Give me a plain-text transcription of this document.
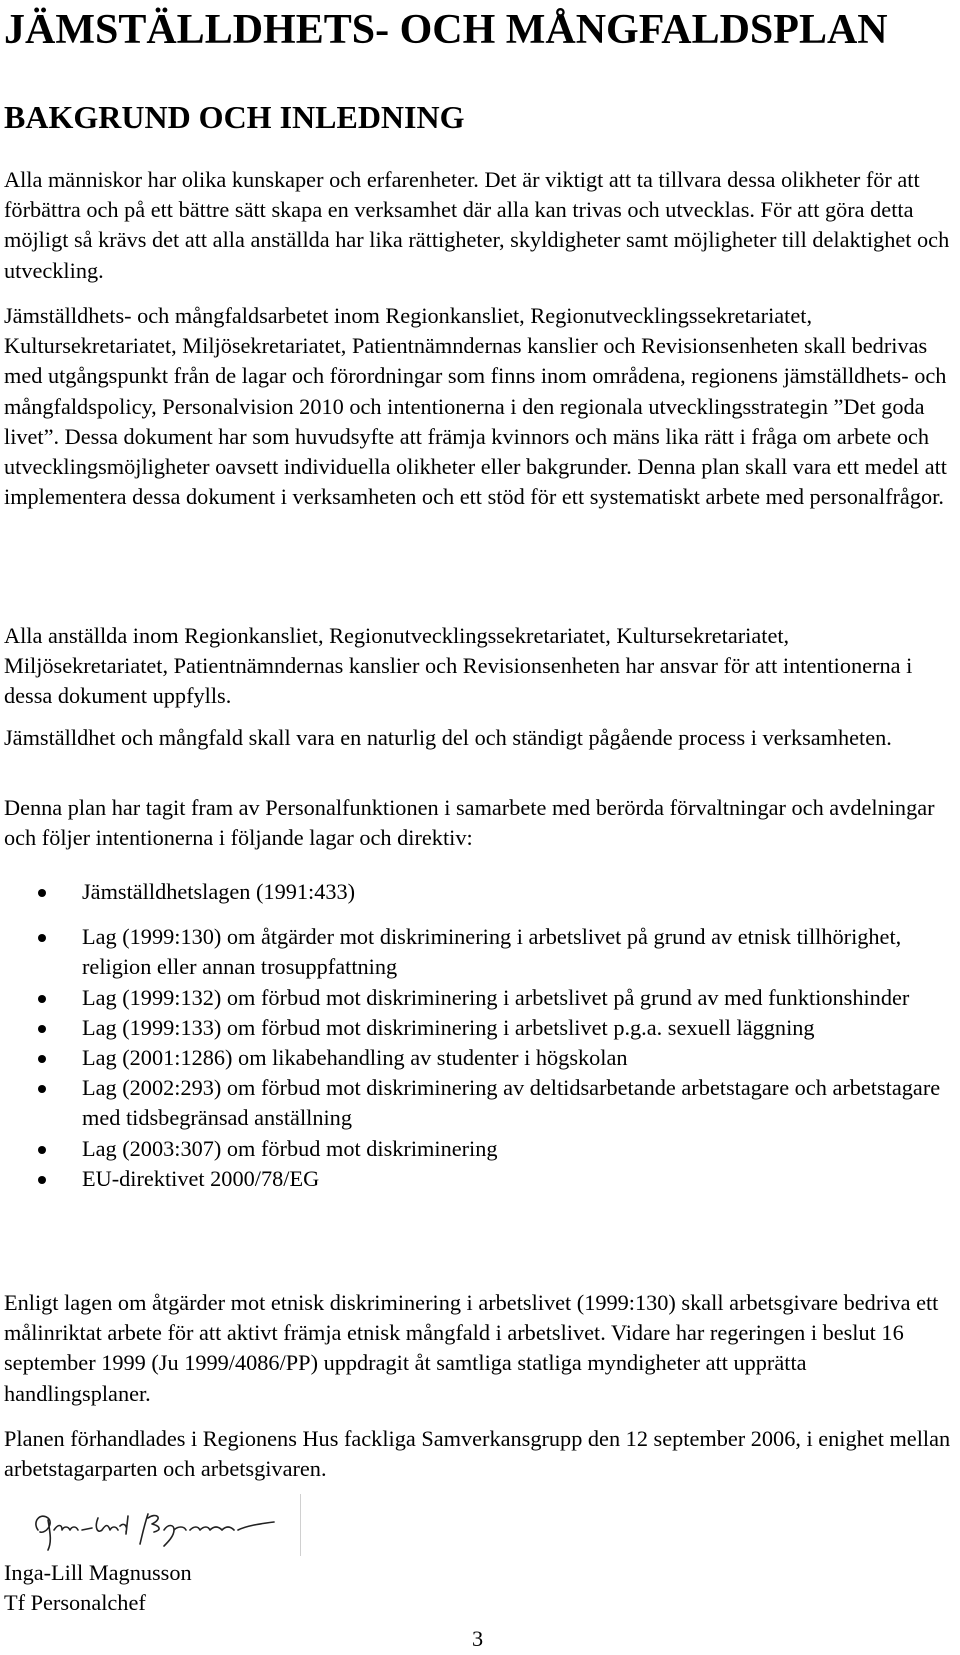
JÄMSTÄLLDHETS- OCH MÅNGFALDSPLAN
BAKGRUND OCH INLEDNING

Alla människor har olika kunskaper och erfarenheter. Det är viktigt att ta tillvara dessa olikheter för att förbättra och på ett bättre sätt skapa en verksamhet där alla kan trivas och utvecklas. För att göra detta möjligt så krävs det att alla anställda har lika rättigheter, skyldigheter samt möjligheter till delaktighet och utveckling.

Jämställdhets- och mångfaldsarbetet inom Regionkansliet, Regionutvecklingssekretariatet, Kultursekretariatet, Miljösekretariatet, Patientnämndernas kanslier och Revisionsenheten skall bedrivas med utgångspunkt från de lagar och förordningar som finns inom områdena, regionens jämställdhets- och mångfaldspolicy, Personalvision 2010 och intentionerna i den regionala utvecklingsstrategin ”Det goda livet”. Dessa dokument har som huvudsyfte att främja kvinnors och mäns lika rätt i fråga om arbete och utvecklingsmöjligheter oavsett individuella olikheter eller bakgrunder. Denna plan skall vara ett medel att implementera dessa dokument i verksamheten och ett stöd för ett systematiskt arbete med personalfrågor.

Alla anställda inom Regionkansliet, Regionutvecklingssekretariatet, Kultursekretariatet, Miljösekretariatet, Patientnämndernas kanslier och Revisionsenheten har ansvar för att intentionerna i dessa dokument uppfylls.

Jämställdhet och mångfald skall vara en naturlig del och ständigt pågående process i verksamheten.

Denna plan har tagit fram av Personalfunktionen i samarbete med berörda förvaltningar och avdelningar och följer intentionerna i följande lagar och direktiv:

Jämställdhetslagen (1991:433)
Lag (1999:130) om åtgärder mot diskriminering i arbetslivet på grund av etnisk tillhörighet, religion eller annan trosuppfattning
Lag (1999:132) om förbud mot diskriminering i arbetslivet på grund av med funktionshinder
Lag (1999:133) om förbud mot diskriminering i arbetslivet p.g.a. sexuell läggning
Lag (2001:1286) om likabehandling av studenter i högskolan
Lag (2002:293) om förbud mot diskriminering av deltidsarbetande arbetstagare och arbetstagare med tidsbegränsad anställning
Lag (2003:307) om förbud mot diskriminering
EU-direktivet 2000/78/EG

Enligt lagen om åtgärder mot etnisk diskriminering i arbetslivet (1999:130) skall arbetsgivare bedriva ett målinriktat arbete för att aktivt främja etnisk mångfald i arbetslivet. Vidare har regeringen i beslut 16 september 1999 (Ju 1999/4086/PP) uppdragit åt samtliga statliga myndigheter att upprätta handlingsplaner.

Planen förhandlades i Regionens Hus fackliga Samverkansgrupp den 12 september 2006, i enighet mellan arbetstagarparten och arbetsgivaren.

Inga-Lill Magnusson
Tf Personalchef

3
